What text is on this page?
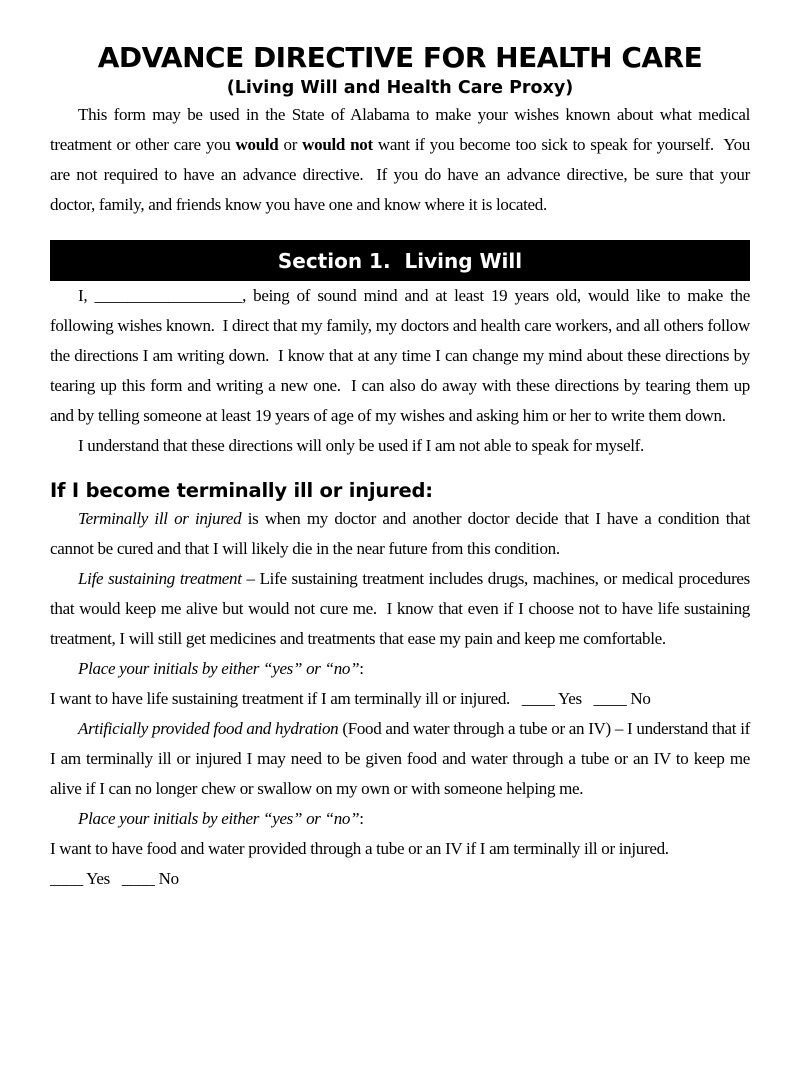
ADVANCE DIRECTIVE FOR HEALTH CARE
(Living Will and Health Care Proxy)

This form may be used in the State of Alabama to make your wishes known about what medical treatment or other care you would or would not want if you become too sick to speak for yourself.  You are not required to have an advance directive.  If you do have an advance directive, be sure that your doctor, family, and friends know you have one and know where it is located.

Section 1.  Living Will

I, __________________, being of sound mind and at least 19 years old, would like to make the following wishes known.  I direct that my family, my doctors and health care workers, and all others follow the directions I am writing down.  I know that at any time I can change my mind about these directions by tearing up this form and writing a new one.  I can also do away with these directions by tearing them up and by telling someone at least 19 years of age of my wishes and asking him or her to write them down.

I understand that these directions will only be used if I am not able to speak for myself.

If I become terminally ill or injured:

Terminally ill or injured is when my doctor and another doctor decide that I have a condition that cannot be cured and that I will likely die in the near future from this condition.

Life sustaining treatment – Life sustaining treatment includes drugs, machines, or medical procedures that would keep me alive but would not cure me.  I know that even if I choose not to have life sustaining treatment, I will still get medicines and treatments that ease my pain and keep me comfortable.

Place your initials by either “yes” or “no”:

I want to have life sustaining treatment if I am terminally ill or injured.   ____ Yes   ____ No

Artificially provided food and hydration (Food and water through a tube or an IV) – I understand that if I am terminally ill or injured I may need to be given food and water through a tube or an IV to keep me alive if I can no longer chew or swallow on my own or with someone helping me.

Place your initials by either “yes” or “no”:

I want to have food and water provided through a tube or an IV if I am terminally ill or injured.

____ Yes   ____ No
